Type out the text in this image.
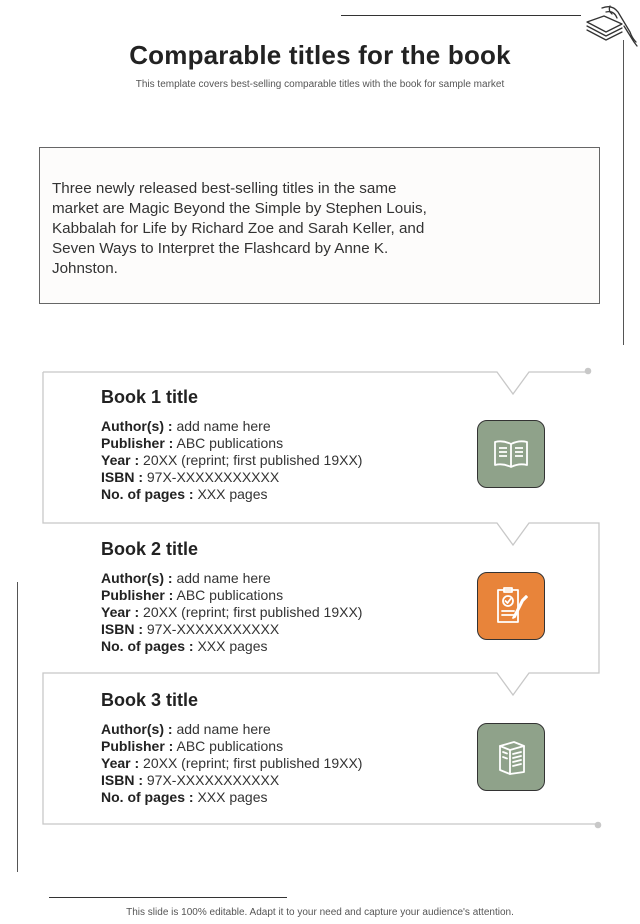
Comparable titles for the book
This template covers best-selling comparable titles with the book for sample market
Three newly released best-selling titles in the same market are Magic Beyond the Simple by Stephen Louis, Kabbalah for Life by Richard Zoe and Sarah Keller, and Seven Ways to Interpret the Flashcard by Anne K. Johnston.
Book 1 title
Author(s) : add name here
Publisher : ABC publications
Year : 20XX (reprint; first published 19XX)
ISBN : 97X-XXXXXXXXXXX
No. of pages : XXX pages
Book 2 title
Author(s) : add name here
Publisher : ABC publications
Year : 20XX (reprint; first published 19XX)
ISBN : 97X-XXXXXXXXXXX
No. of pages : XXX pages
Book 3 title
Author(s) : add name here
Publisher : ABC publications
Year : 20XX (reprint; first published 19XX)
ISBN : 97X-XXXXXXXXXXX
No. of pages : XXX pages
This slide is 100% editable. Adapt it to your need and capture your audience's attention.
